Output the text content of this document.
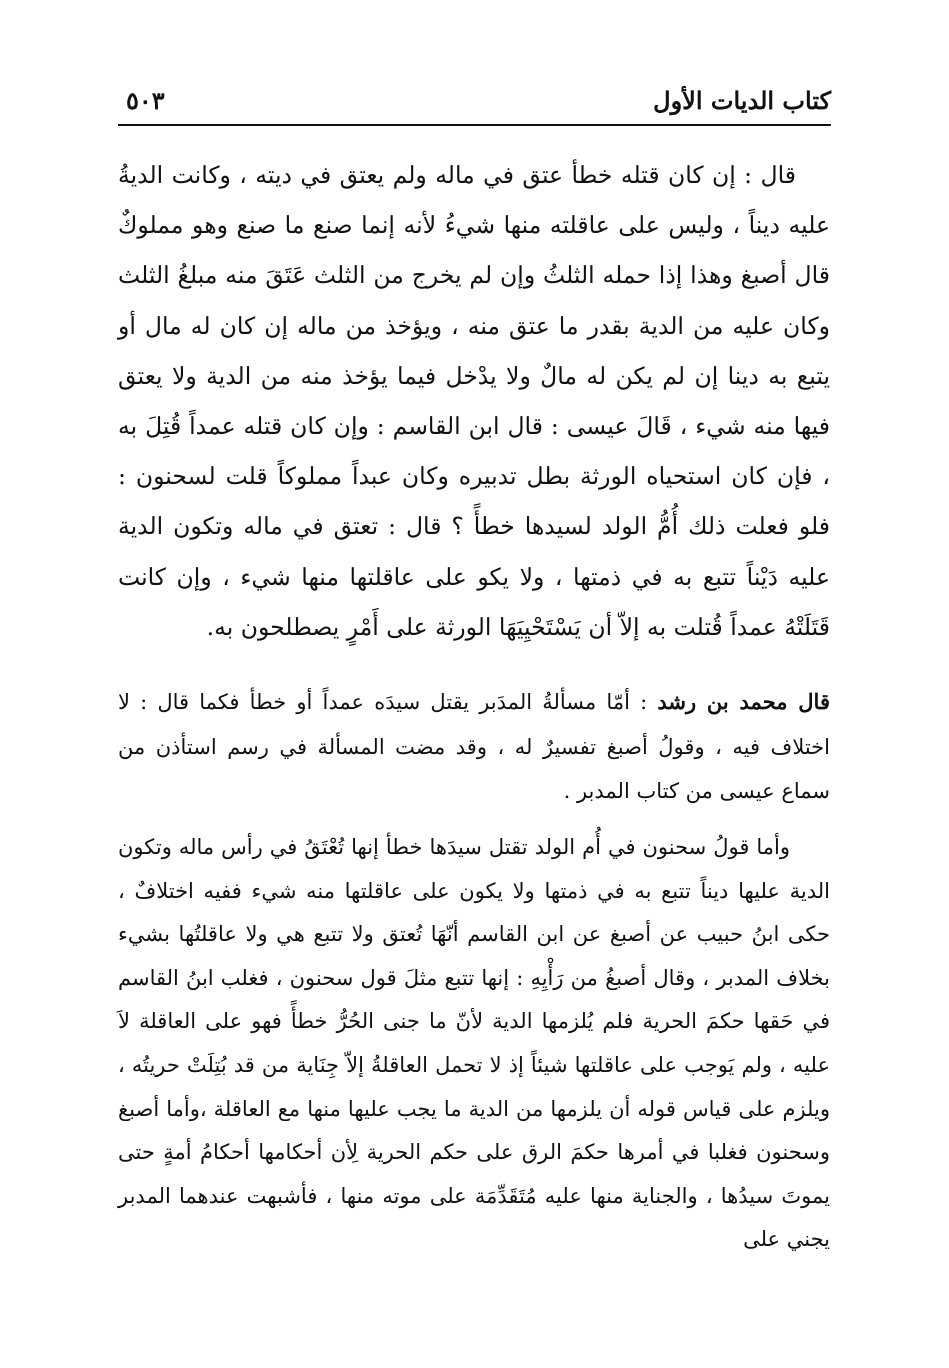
كتاب الديات الأول
٥٠٣
قال : إن كان قتله خطأ عتق في ماله ولم يعتق في ديته ، وكانت الديةُ عليه ديناً ، وليس على عاقلته منها شيءُ لأنه إنما صنع ما صنع وهو مملوكٌ قال أصبغ وهذا إذا حمله الثلثُ وإن لم يخرج من الثلث عَتَقَ منه مبلغُ الثلث وكان عليه من الدية بقدر ما عتق منه ، ويؤخذ من ماله إن كان له مال أو يتبع به دينا إن لم يكن له مالٌ ولا يدْخل فيما يؤخذ منه من الدية ولا يعتق فيها منه شيء ، قَالَ عيسى : قال ابن القاسم : وإن كان قتله عمداً قُتِلَ به ، فإن كان استحياه الورثة بطل تدبيره وكان عبداً مملوكاً قلت لسحنون : فلو فعلت ذلك أُمُّ الولد لسيدها خطأً ؟ قال : تعتق في ماله وتكون الدية عليه دَيْناً تتبع به في ذمتها ، ولا يكو على عاقلتها منها شيء ، وإن كانت قَتَلَتْهُ عمداً قُتلت به إلاّ أن يَسْتَحْيِيَهَا الورثة على أَمْرٍ يصطلحون به.
قال محمد بن رشد : أمّا مسألةُ المدَبر يقتل سيدَه عمداً أو خطأ فكما قال : لا اختلاف فيه ، وقولُ أصبغ تفسيرٌ له ، وقد مضت المسألة في رسم استأذن من سماع عيسى من كتاب المدبر .
وأما قولُ سحنون في أُم الولد تقتل سيدَها خطأ إنها تُعْتَقُ في رأس ماله وتكون الدية عليها ديناً تتبع به في ذمتها ولا يكون على عاقلتها منه شيء ففيه اختلافٌ ، حكى ابنُ حبيب عن أصبغ عن ابن القاسم أنّهَا تُعتق ولا تتبع هي ولا عاقلتُها بشيء بخلاف المدبر ، وقال أصبغُ من رَأْيِهِ : إنها تتبع مثلَ قول سحنون ، فغلب ابنُ القاسم في حَقها حكمَ الحرية فلم يُلزمها الدية لأنّ ما جنى الحُرُّ خطأً فهو على العاقلة لاَ عليه ، ولم يَوجب على عاقلتها شيئاً إذ لا تحمل العاقلةُ إلاّ جِنَاية من قد بُتِلَتْ حريتُه ، ويلزم على قياس قوله أن يلزمها من الدية ما يجب عليها منها مع العاقلة ،وأما أصبغ وسحنون فغلبا في أمرها حكمَ الرق على حكم الحرية لِأن أحكامها أحكامُ أمةٍ حتى يموتَ سيدُها ، والجناية منها عليه مُتَقَدِّمَة على موته منها ، فأشبهت عندهما المدبر يجني على
